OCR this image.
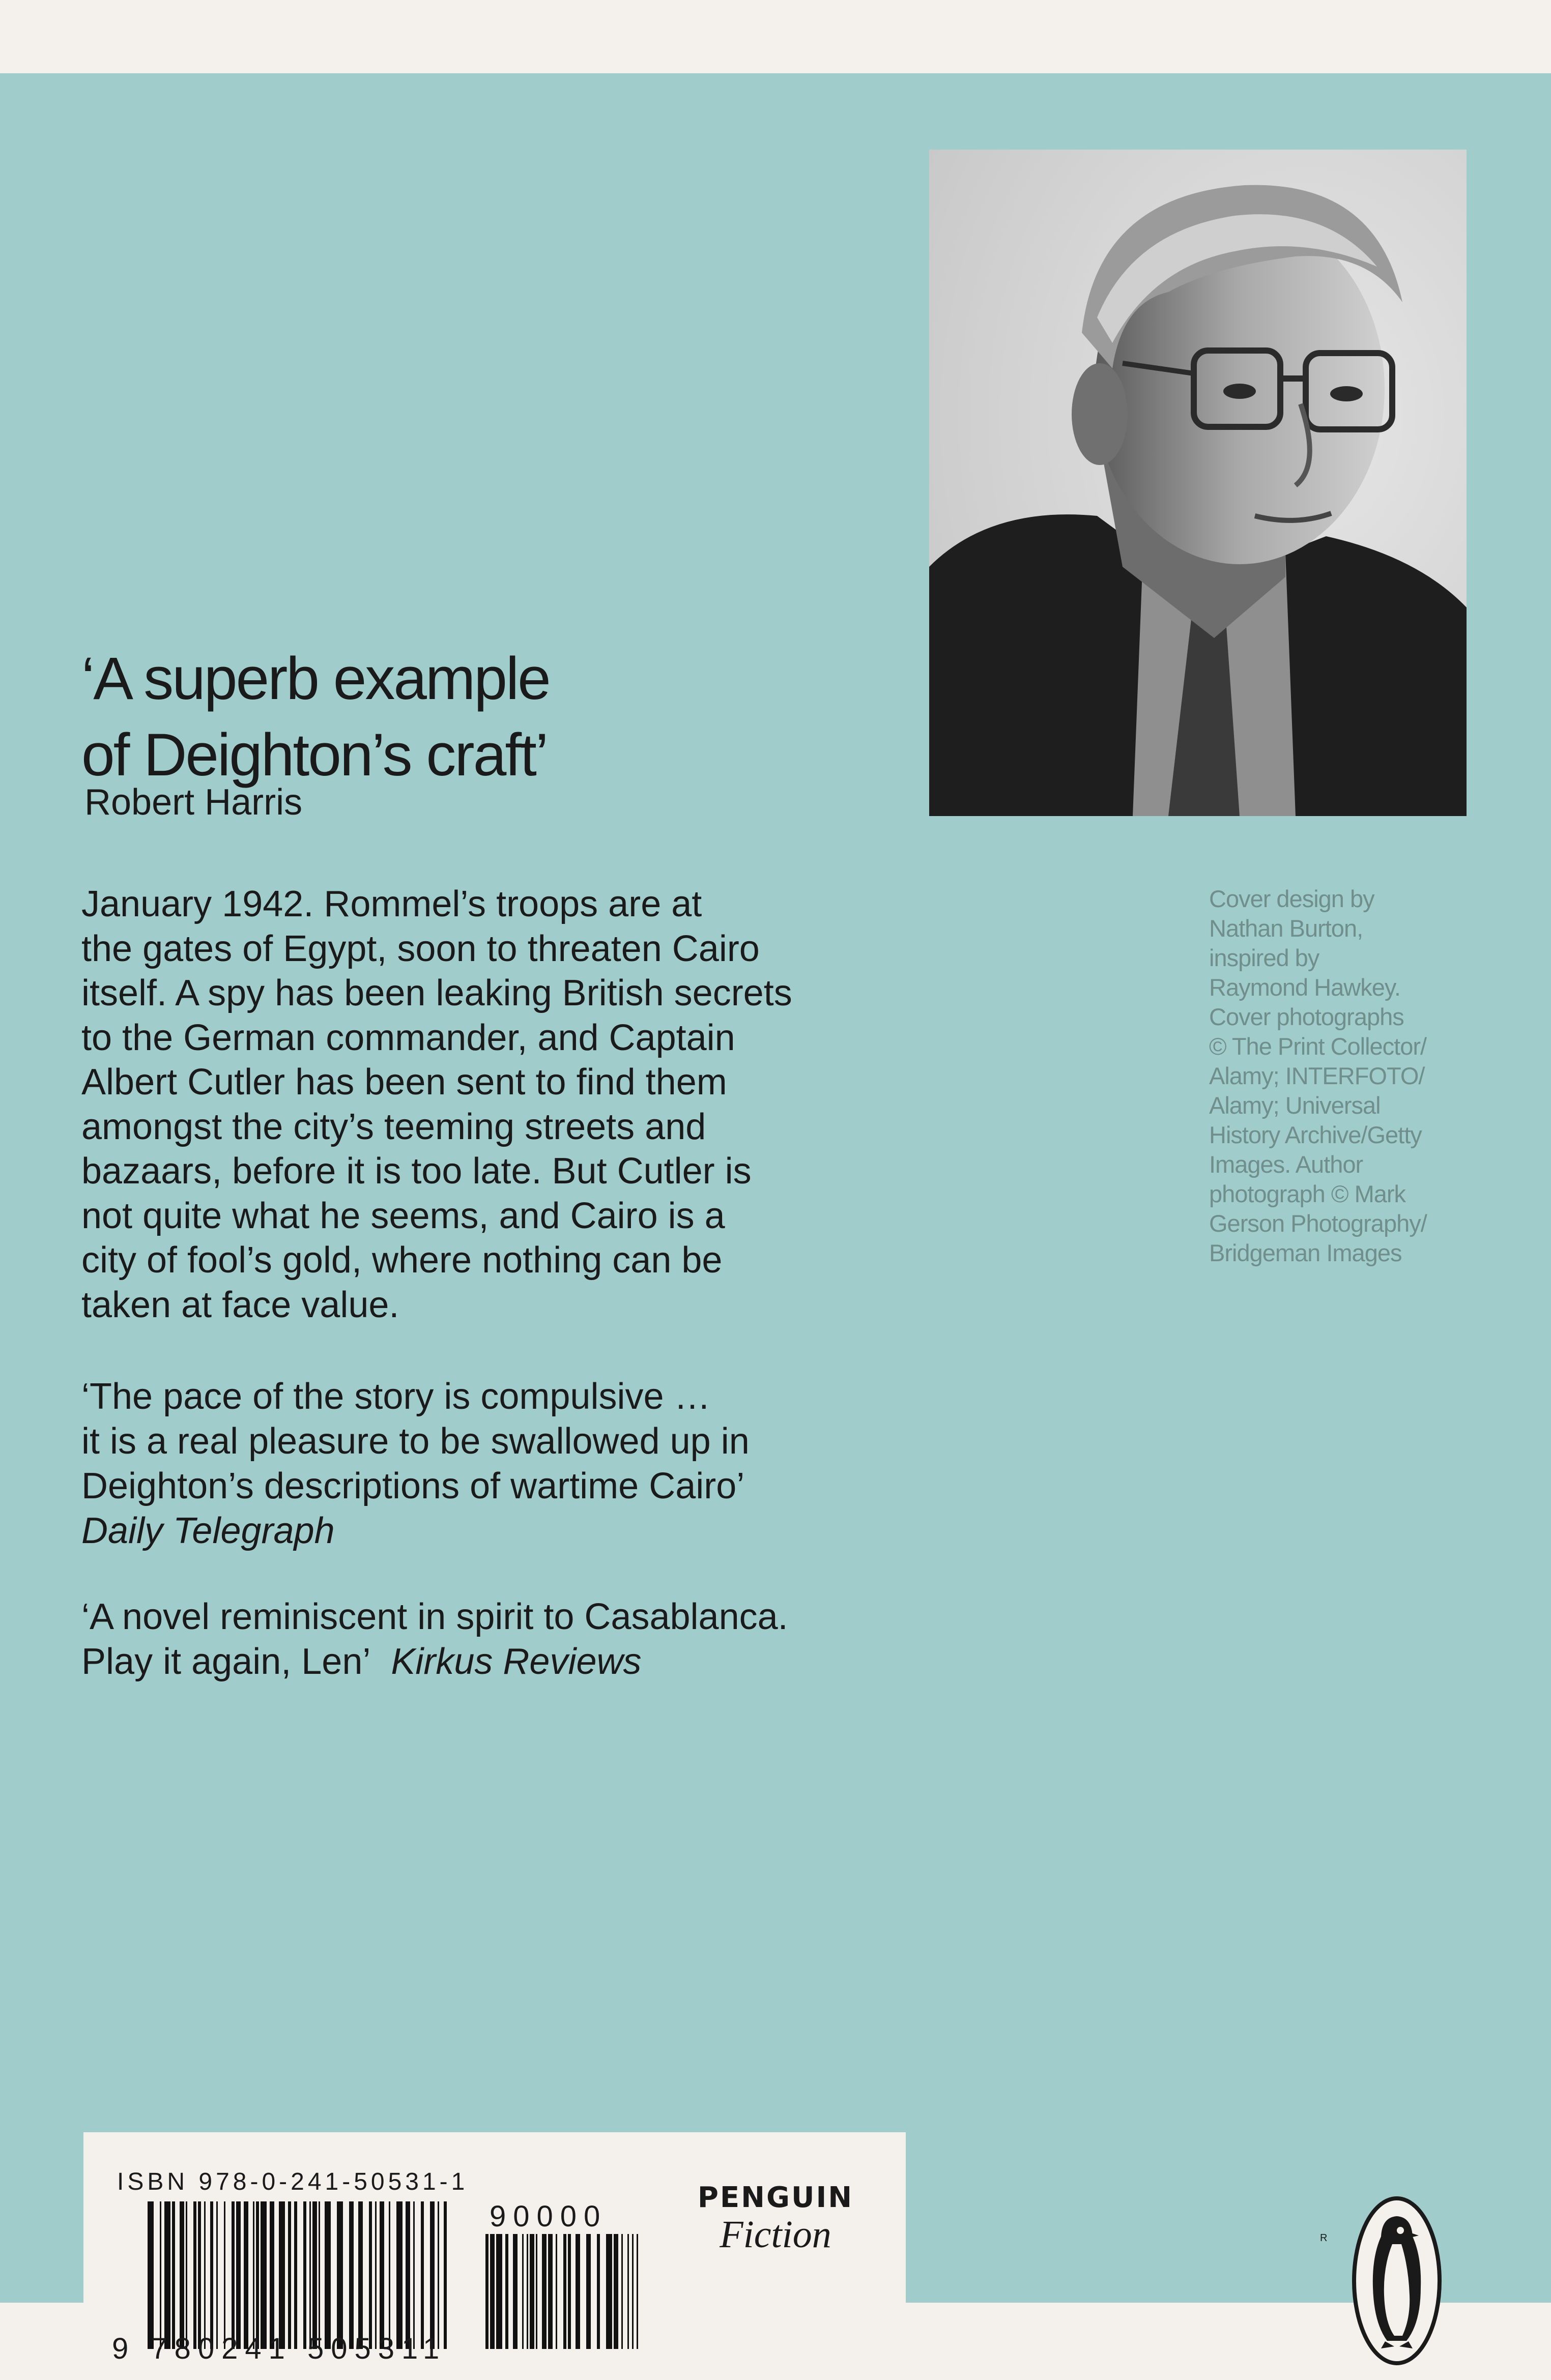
‘A superb example
of Deighton’s craft’
Robert Harris
January 1942. Rommel’s troops are at
the gates of Egypt, soon to threaten Cairo
itself. A spy has been leaking British secrets
to the German commander, and Captain
Albert Cutler has been sent to find them
amongst the city’s teeming streets and
bazaars, before it is too late. But Cutler is
not quite what he seems, and Cairo is a
city of fool’s gold, where nothing can be
taken at face value.
‘The pace of the story is compulsive …
it is a real pleasure to be swallowed up in
Deighton’s descriptions of wartime Cairo’
Daily Telegraph
‘A novel reminiscent in spirit to Casablanca.
Play it again, Len’ Kirkus Reviews
Cover design by
Nathan Burton,
inspired by
Raymond Hawkey.
Cover photographs
© The Print Collector/
Alamy; INTERFOTO/
Alamy; Universal
History Archive/Getty
Images. Author
photograph © Mark
Gerson Photography/
Bridgeman Images
ISBN 978-0-241-50531-1
90000
9 780241 505311
PENGUIN
Fiction	R
